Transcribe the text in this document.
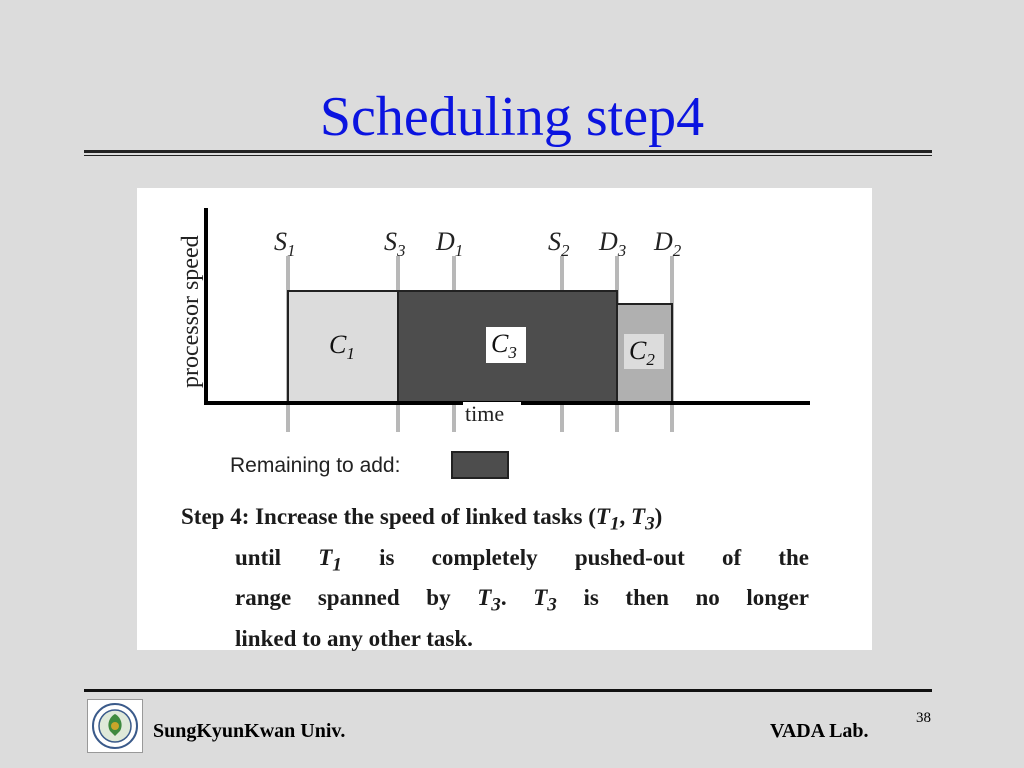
Scheduling step4
$C_1$	$C_3$	$C_2$
processor speed
time
$S_1$	$S_3$ $D_1$	$S_2$ $D_3$ $D_2$
Remaining to add:
Step 4: Increase the speed of linked tasks ($T_1$, $T_3$)
until $T_1$ is completely pushed-out of the
range spanned by $T_3$. $T_3$ is then no longer
linked to any other task.
SungKyunKwan Univ.	VADA Lab.
38
